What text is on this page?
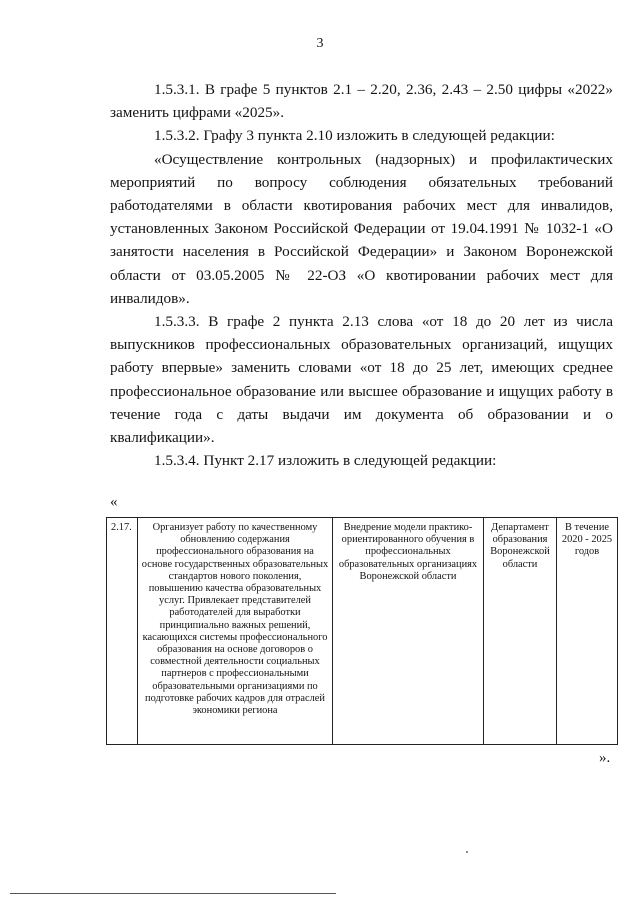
3

1.5.3.1. В графе 5 пунктов 2.1 – 2.20, 2.36, 2.43 – 2.50 цифры «2022» заменить цифрами «2025».

1.5.3.2. Графу 3 пункта 2.10 изложить в следующей редакции:

«Осуществление контрольных (надзорных) и профилактических мероприятий по вопросу соблюдения обязательных требований работодателями в области квотирования рабочих мест для инвалидов, установленных Законом Российской Федерации от 19.04.1991 № 1032-1 «О занятости населения в Российской Федерации» и Законом Воронежской области от 03.05.2005 № 22-ОЗ «О квотировании рабочих мест для инвалидов».

1.5.3.3. В графе 2 пункта 2.13 слова «от 18 до 20 лет из числа выпускников профессиональных образовательных организаций, ищущих работу впервые» заменить словами «от 18 до 25 лет, имеющих среднее профессиональное образование или высшее образование и ищущих работу в течение года с даты выдачи им документа об образовании и о квалификации».

1.5.3.4. Пункт 2.17 изложить в следующей редакции:

«
2.17.	Организует работу по качественному обновлению содержания профессионального образования на основе государственных образовательных стандартов нового поколения, повышению качества образовательных услуг. Привлекает представителей работодателей для выработки принципиально важных решений, касающихся системы профессионального образования на основе договоров о совместной деятельности социальных партнеров с профессиональными образовательными организациями по подготовке рабочих кадров для отраслей экономики региона	Внедрение модели практико-ориентированного обучения в профессиональных образовательных организациях Воронежской области	Департамент образования Воронежской области	В течение 2020 - 2025 годов
».
